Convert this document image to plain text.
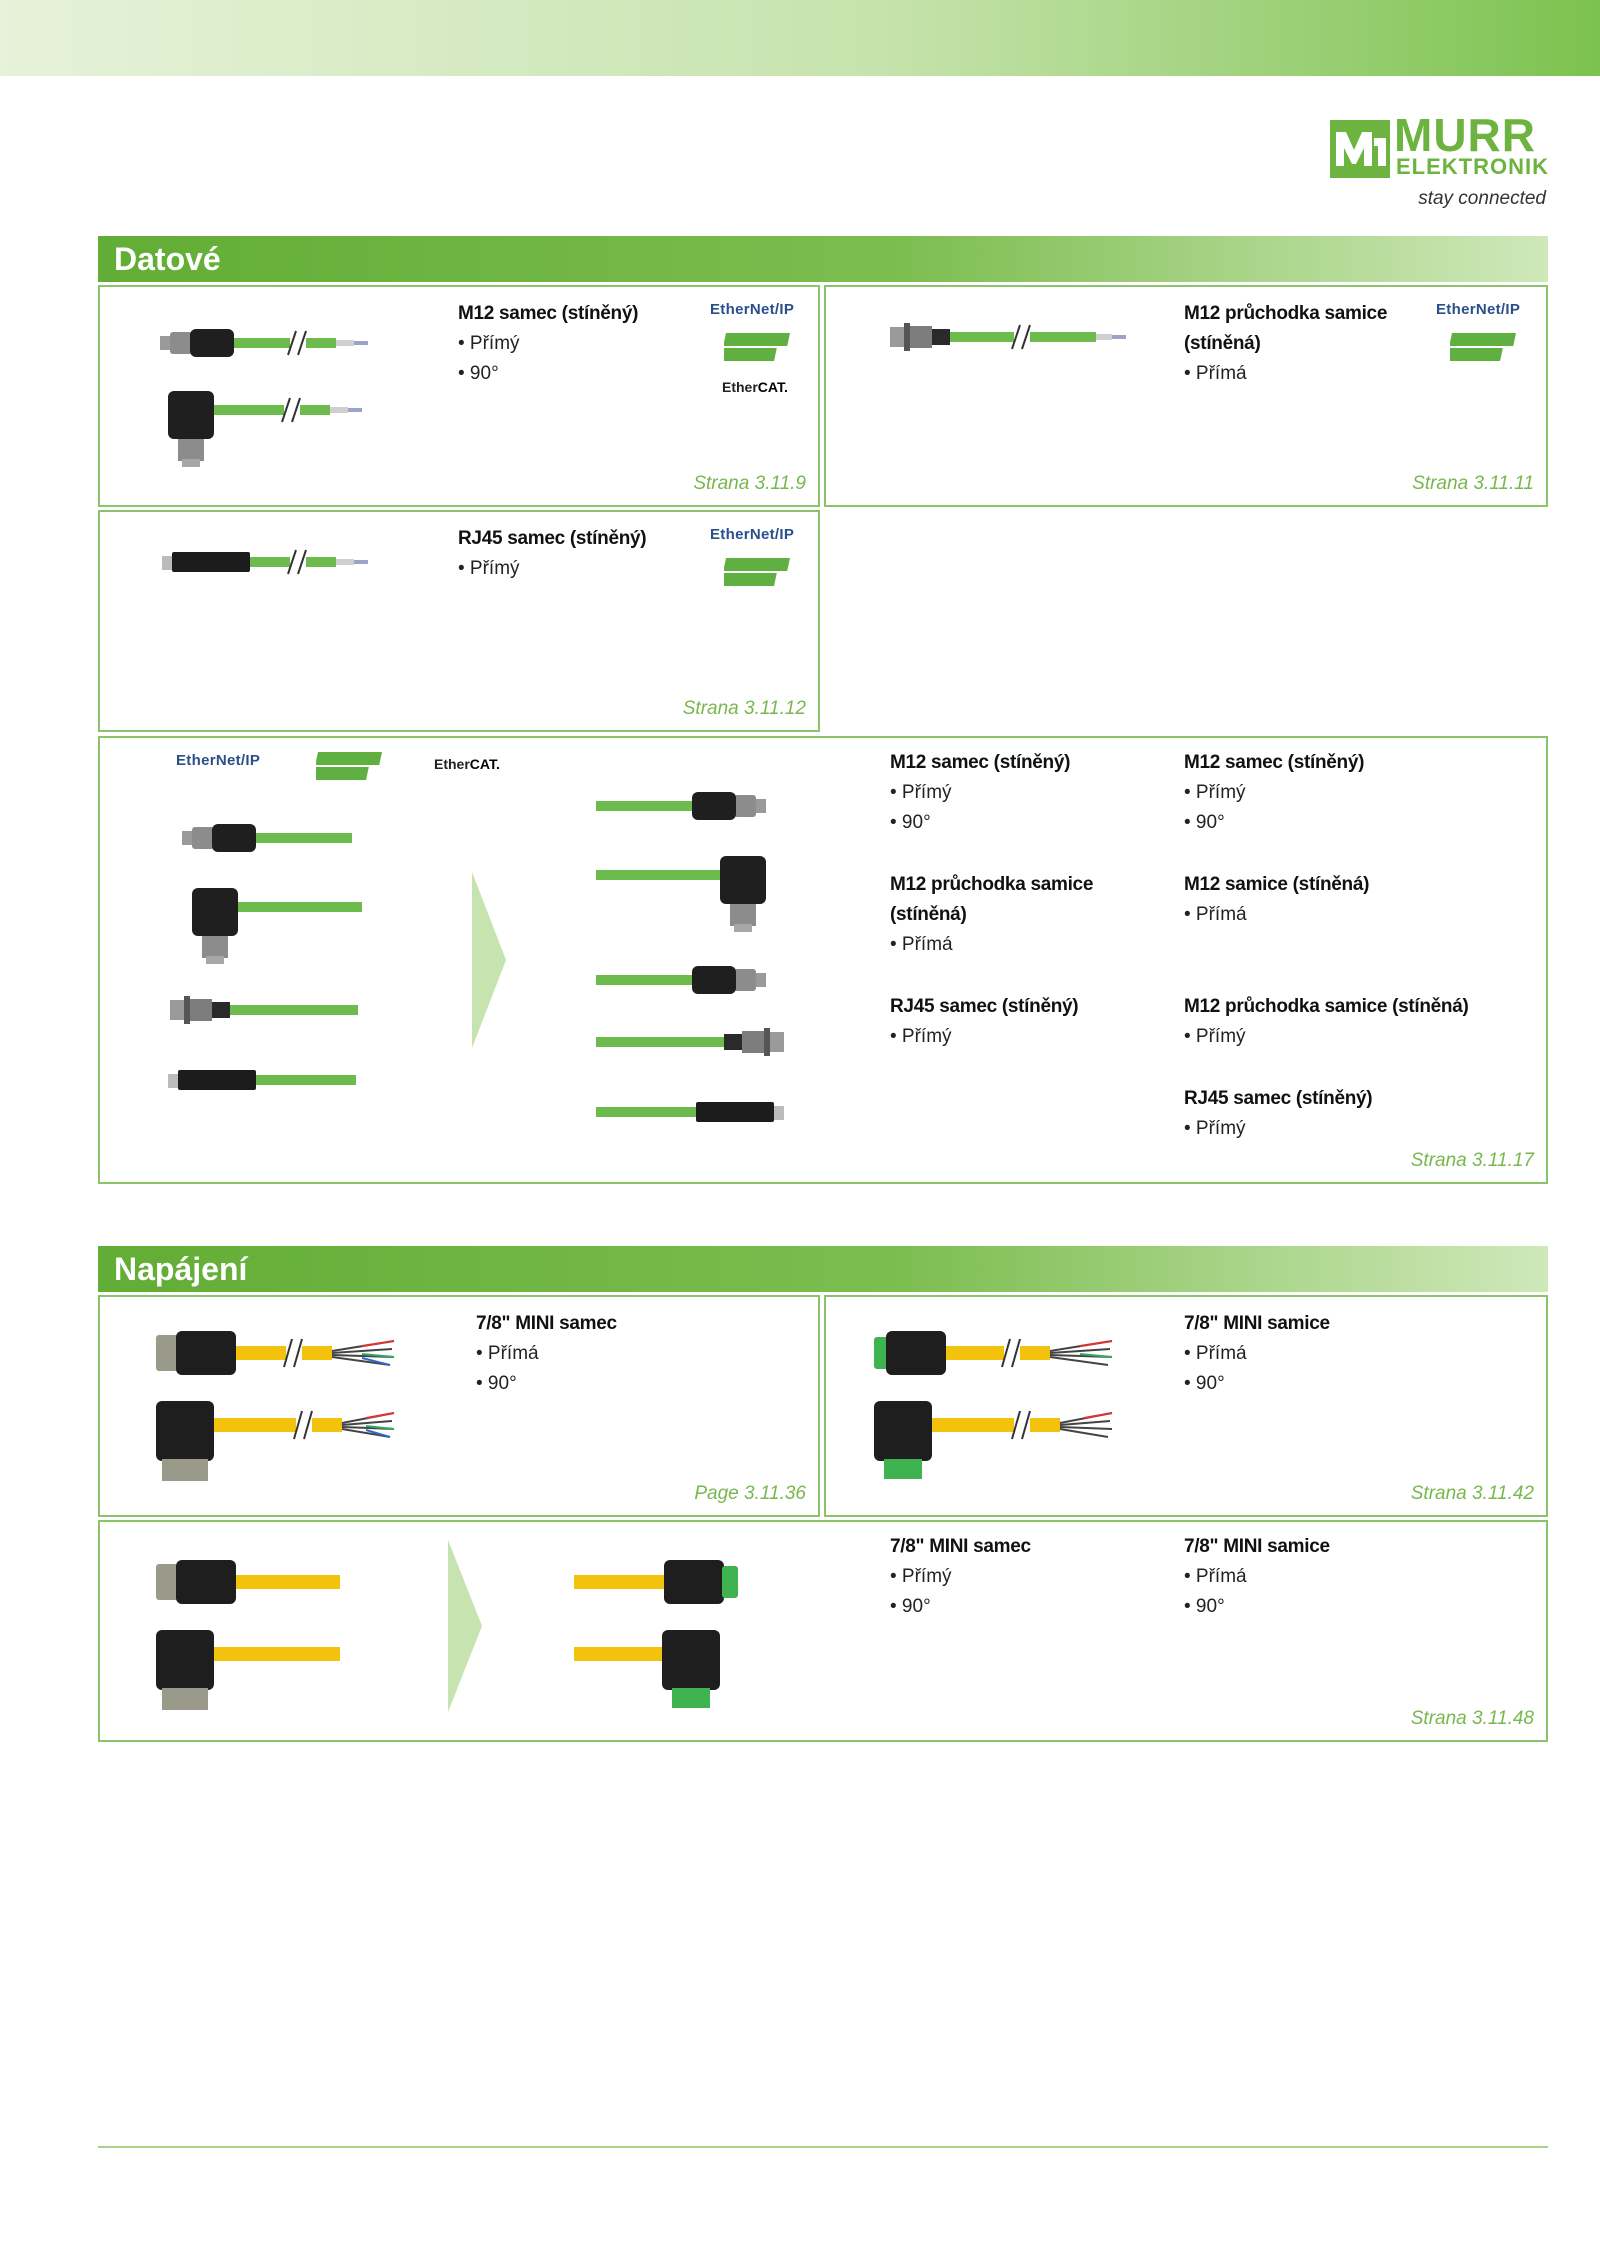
MURR
ELEKTRONIK
stay connected
Datové
M12 samec (stíněný)
• Přímý
• 90°
EtherNet/IP
EtherCAT.
Strana 3.11.9
M12 průchodka samice
(stíněná)
• Přímá
EtherNet/IP
Strana 3.11.11
RJ45 samec (stíněný)
• Přímý
EtherNet/IP
Strana 3.11.12
EtherNet/IP	EtherCAT.	M12 samec (stíněný)
• Přímý
• 90°
M12 průchodka samice
(stíněná)
• Přímá
RJ45 samec (stíněný)
• Přímý
M12 samec (stíněný)
• Přímý
• 90°
M12 samice (stíněná)
• Přímá
M12 průchodka samice (stíněná)
• Přímý
RJ45 samec (stíněný)
• Přímý
Strana 3.11.17
Napájení
7/8" MINI samec
• Přímá
• 90°
Page 3.11.36
7/8" MINI samice
• Přímá
• 90°
Strana 3.11.42
7/8" MINI samec
• Přímý
• 90°
7/8" MINI samice
• Přímá
• 90°
Strana 3.11.48
